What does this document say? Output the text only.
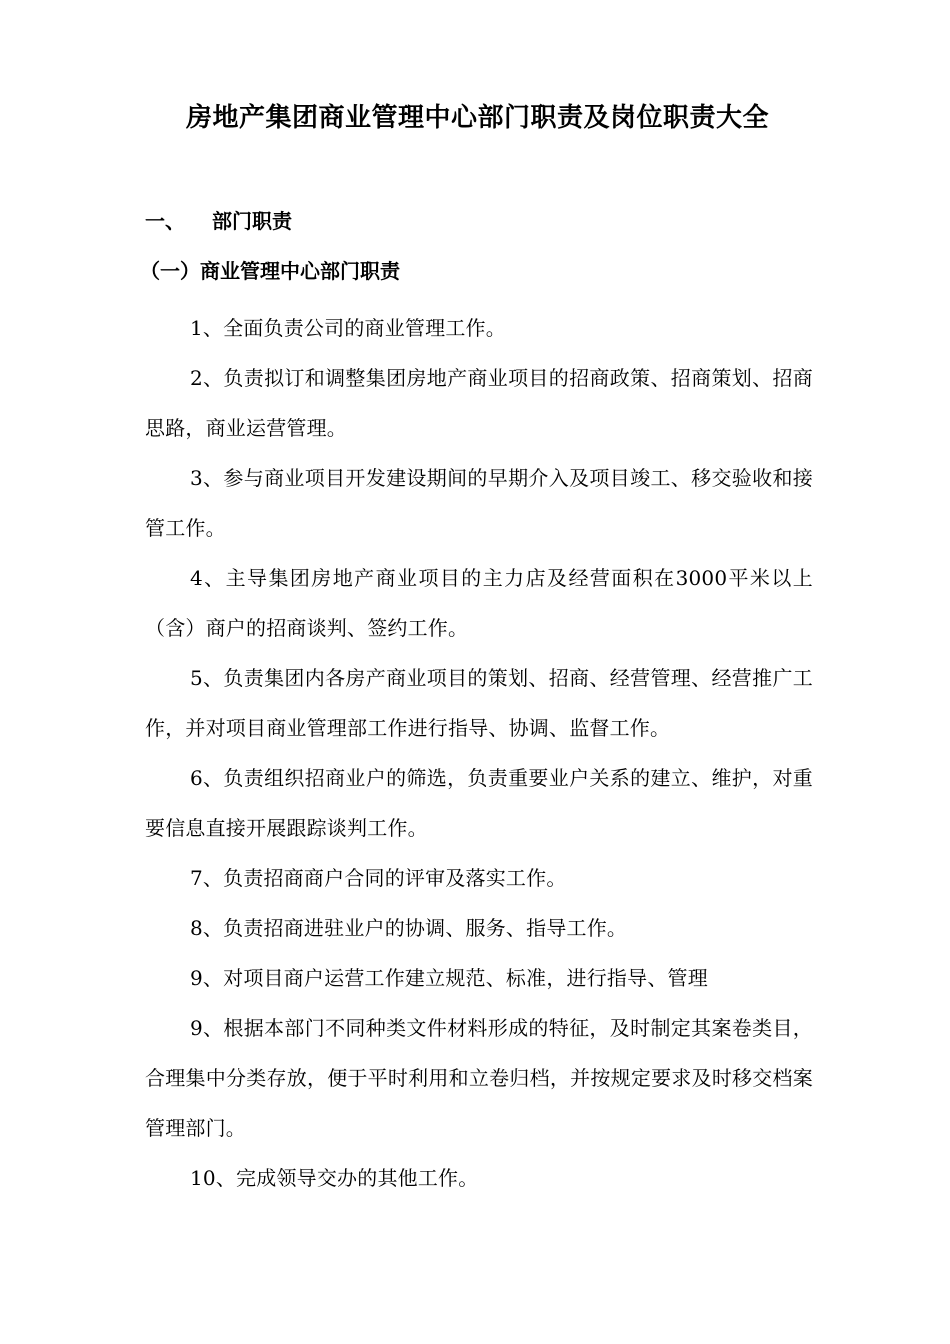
房地产集团商业管理中心部门职责及岗位职责大全
一、 部门职责
（一）商业管理中心部门职责
1、全面负责公司的商业管理工作。
2、负责拟订和调整集团房地产商业项目的招商政策、招商策划、招商思路，商业运营管理。
3、参与商业项目开发建设期间的早期介入及项目竣工、移交验收和接管工作。
4、主导集团房地产商业项目的主力店及经营面积在3000平米以上（含）商户的招商谈判、签约工作。
5、负责集团内各房产商业项目的策划、招商、经营管理、经营推广工作，并对项目商业管理部工作进行指导、协调、监督工作。
6、负责组织招商业户的筛选，负责重要业户关系的建立、维护，对重要信息直接开展跟踪谈判工作。
7、负责招商商户合同的评审及落实工作。
8、负责招商进驻业户的协调、服务、指导工作。
9、对项目商户运营工作建立规范、标准，进行指导、管理
9、根据本部门不同种类文件材料形成的特征，及时制定其案卷类目，合理集中分类存放，便于平时利用和立卷归档，并按规定要求及时移交档案管理部门。
10、完成领导交办的其他工作。
